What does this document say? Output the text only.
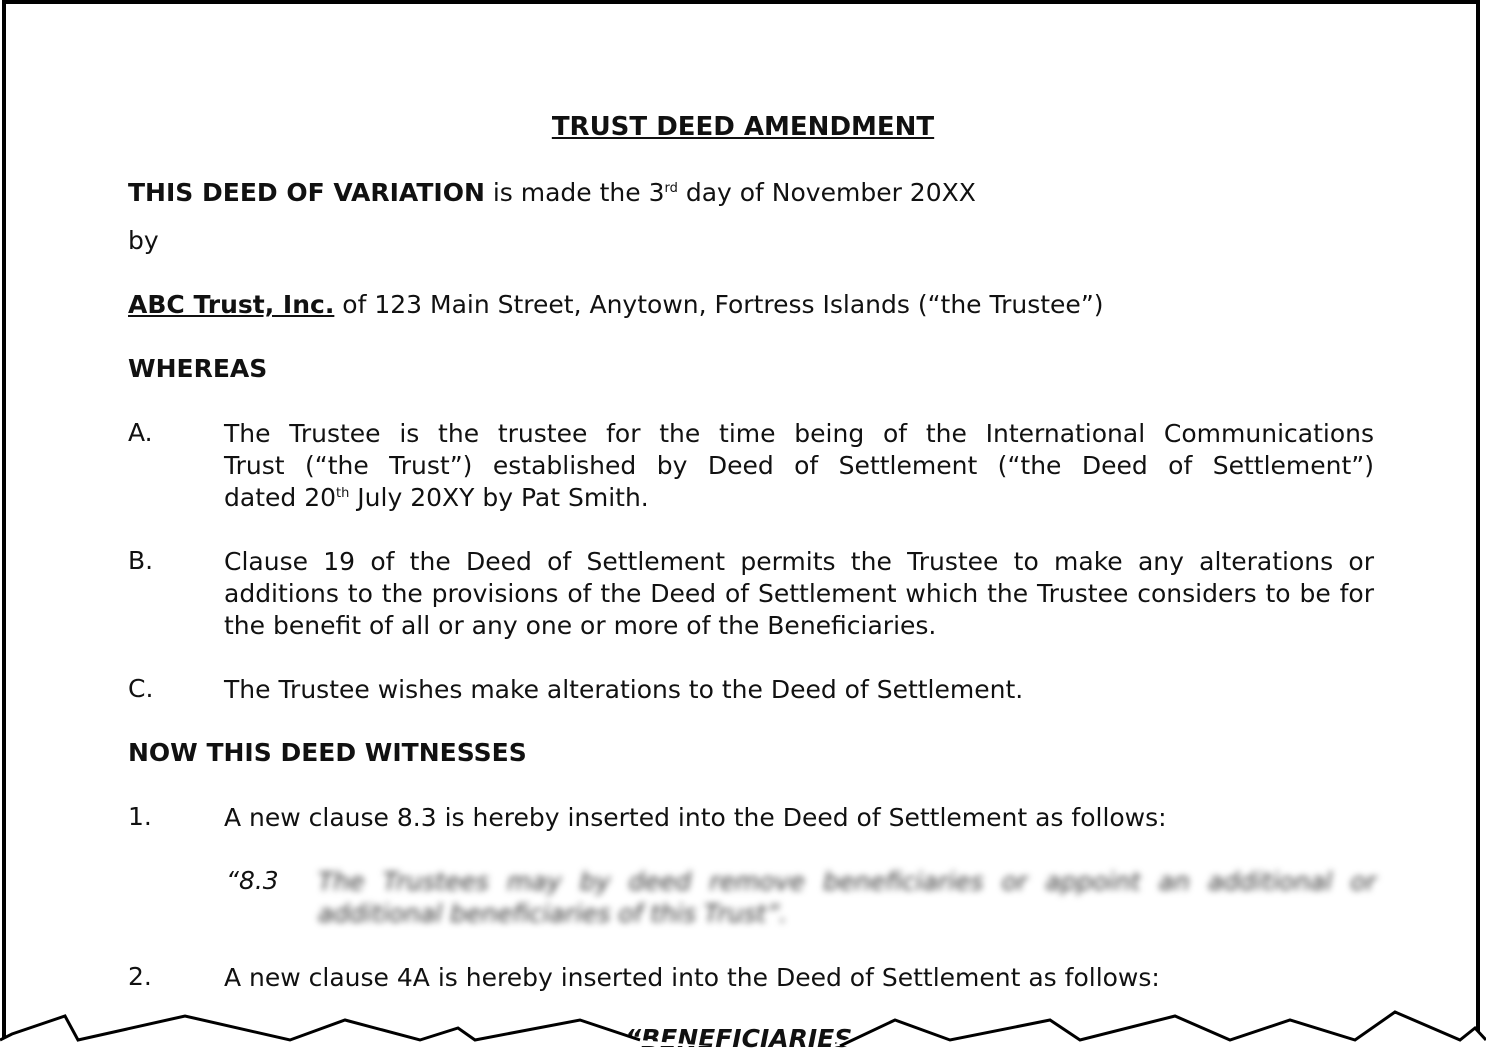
TRUST DEED AMENDMENT
THIS DEED OF VARIATION is made the 3rd day of November 20XX
by
ABC Trust, Inc. of 123 Main Street, Anytown, Fortress Islands (“the Trustee”)
WHEREAS
A.	The Trustee is the trustee for the time being of the International Communications
Trust (“the Trust”) established by Deed of Settlement (“the Deed of Settlement”)
dated 20th July 20XY by Pat Smith.
B.	Clause 19 of the Deed of Settlement permits the Trustee to make any alterations or additions to the provisions of the Deed of Settlement which the Trustee considers to be for the benefit of all or any one or more of the Beneficiaries.
C.	The Trustee wishes make alterations to the Deed of Settlement.
NOW THIS DEED WITNESSES
1.	A new clause 8.3 is hereby inserted into the Deed of Settlement as follows:
“8.3 The Trustees may by deed remove beneficiaries or appoint an additional or additional beneficiaries of this Trust”.
2.	A new clause 4A is hereby inserted into the Deed of Settlement as follows:
“BENEFICIARIES
